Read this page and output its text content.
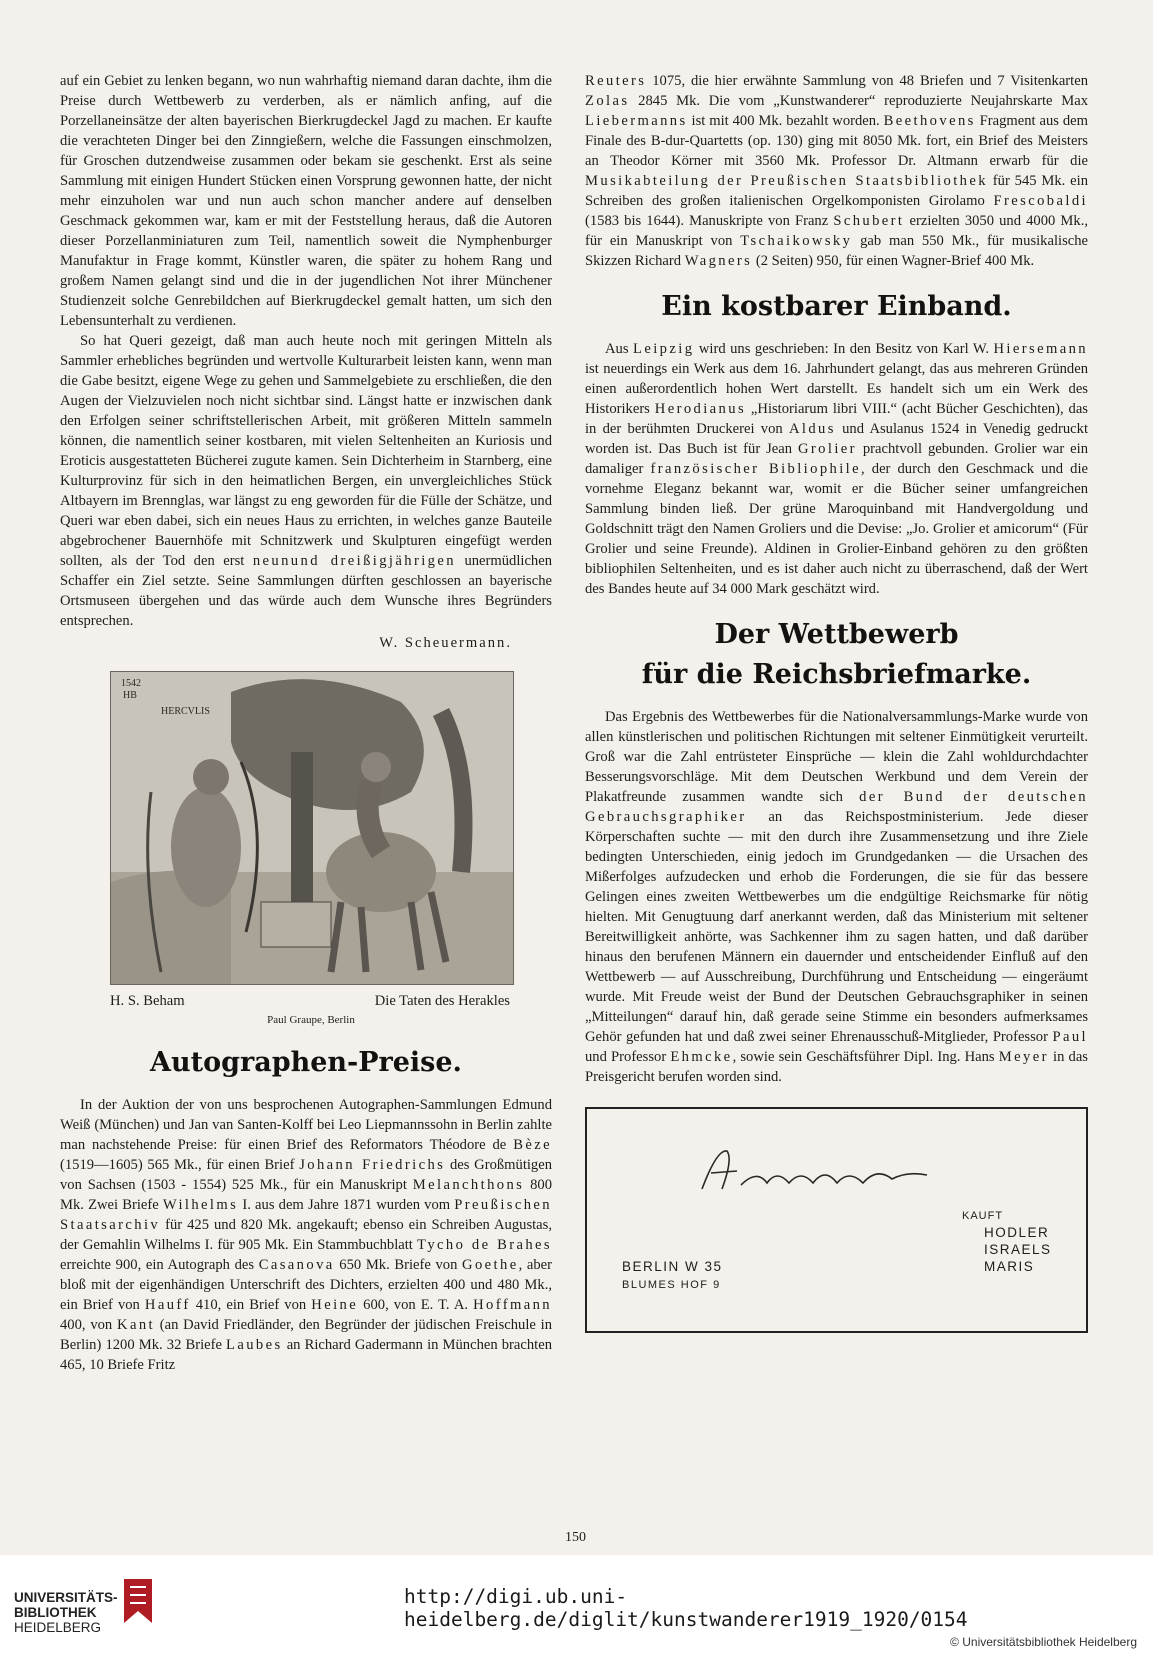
auf ein Gebiet zu lenken begann, wo nun wahrhaftig niemand daran dachte, ihm die Preise durch Wettbewerb zu verderben, als er nämlich anfing, auf die Porzellaneinsätze der alten bayerischen Bierkrugdeckel Jagd zu machen. Er kaufte die verachteten Dinger bei den Zinngießern, welche die Fassungen einschmolzen, für Groschen dutzendweise zusammen oder bekam sie geschenkt. Erst als seine Sammlung mit einigen Hundert Stücken einen Vorsprung gewonnen hatte, der nicht mehr einzuholen war und nun auch schon mancher andere auf denselben Geschmack gekommen war, kam er mit der Feststellung heraus, daß die Autoren dieser Porzellanminiaturen zum Teil, namentlich soweit die Nymphenburger Manufaktur in Frage kommt, Künstler waren, die später zu hohem Rang und großem Namen gelangt sind und die in der jugendlichen Not ihrer Münchener Studienzeit solche Genrebildchen auf Bierkrugdeckel gemalt hatten, um sich den Lebensunterhalt zu verdienen.

So hat Queri gezeigt, daß man auch heute noch mit geringen Mitteln als Sammler erhebliches begründen und wertvolle Kulturarbeit leisten kann, wenn man die Gabe besitzt, eigene Wege zu gehen und Sammelgebiete zu erschließen, die den Augen der Vielzuvielen noch nicht sichtbar sind. Längst hatte er inzwischen dank den Erfolgen seiner schriftstellerischen Arbeit, mit größeren Mitteln sammeln können, die namentlich seiner kostbaren, mit vielen Seltenheiten an Kuriosis und Eroticis ausgestatteten Bücherei zugute kamen. Sein Dichterheim in Starnberg, eine Kulturprovinz für sich in den heimatlichen Bergen, ein unvergleichliches Stück Altbayern im Brennglas, war längst zu eng geworden für die Fülle der Schätze, und Queri war eben dabei, sich ein neues Haus zu errichten, in welches ganze Bauteile abgebrochener Bauernhöfe mit Schnitzwerk und Skulpturen eingefügt werden sollten, als der Tod den erst neunund dreißigjährigen unermüdlichen Schaffer ein Ziel setzte. Seine Sammlungen dürften geschlossen an bayerische Ortsmuseen übergehen und das würde auch dem Wunsche ihres Begründers entsprechen.

W. Scheuermann.

1542
HB
HERCVLIS
H. S. Beham	Die Taten des Herakles
Paul Graupe, Berlin
Autographen-Preise.

In der Auktion der von uns besprochenen Autographen-Sammlungen Edmund Weiß (München) und Jan van Santen-Kolff bei Leo Liepmannssohn in Berlin zahlte man nachstehende Preise: für einen Brief des Reformators Théodore de Bèze (1519—1605) 565 Mk., für einen Brief Johann Friedrichs des Großmütigen von Sachsen (1503 - 1554) 525 Mk., für ein Manuskript Melanchthons 800 Mk. Zwei Briefe Wilhelms I. aus dem Jahre 1871 wurden vom Preußischen Staatsarchiv für 425 und 820 Mk. angekauft; ebenso ein Schreiben Augustas, der Gemahlin Wilhelms I. für 905 Mk. Ein Stammbuchblatt Tycho de Brahes erreichte 900, ein Autograph des Casanova 650 Mk. Briefe von Goethe, aber bloß mit der eigenhändigen Unterschrift des Dichters, erzielten 400 und 480 Mk., ein Brief von Hauff 410, ein Brief von Heine 600, von E. T. A. Hoffmann 400, von Kant (an David Friedländer, den Begründer der jüdischen Freischule in Berlin) 1200 Mk. 32 Briefe Laubes an Richard Gadermann in München brachten 465, 10 Briefe Fritz

Reuters 1075, die hier erwähnte Sammlung von 48 Briefen und 7 Visitenkarten Zolas 2845 Mk. Die vom „Kunstwanderer“ reproduzierte Neujahrskarte Max Liebermanns ist mit 400 Mk. bezahlt worden. Beethovens Fragment aus dem Finale des B-dur-Quartetts (op. 130) ging mit 8050 Mk. fort, ein Brief des Meisters an Theodor Körner mit 3560 Mk. Professor Dr. Altmann erwarb für die Musikabteilung der Preußischen Staatsbibliothek für 545 Mk. ein Schreiben des großen italienischen Orgelkomponisten Girolamo Frescobaldi (1583 bis 1644). Manuskripte von Franz Schubert erzielten 3050 und 4000 Mk., für ein Manuskript von Tschaikowsky gab man 550 Mk., für musikalische Skizzen Richard Wagners (2 Seiten) 950, für einen Wagner-Brief 400 Mk.

Ein kostbarer Einband.

Aus Leipzig wird uns geschrieben: In den Besitz von Karl W. Hiersemann ist neuerdings ein Werk aus dem 16. Jahrhundert gelangt, das aus mehreren Gründen einen außerordentlich hohen Wert darstellt. Es handelt sich um ein Werk des Historikers Herodianus „Historiarum libri VIII.“ (acht Bücher Geschichten), das in der berühmten Druckerei von Aldus und Asulanus 1524 in Venedig gedruckt worden ist. Das Buch ist für Jean Grolier prachtvoll gebunden. Grolier war ein damaliger französischer Bibliophile, der durch den Geschmack und die vornehme Eleganz bekannt war, womit er die Bücher seiner umfangreichen Sammlung binden ließ. Der grüne Maroquinband mit Handvergoldung und Goldschnitt trägt den Namen Groliers und die Devise: „Jo. Grolier et amicorum“ (Für Grolier und seine Freunde). Aldinen in Grolier-Einband gehören zu den größten bibliophilen Seltenheiten, und es ist daher auch nicht zu überraschend, daß der Wert des Bandes heute auf 34 000 Mark geschätzt wird.

Der Wettbewerb
für die Reichsbriefmarke.

Das Ergebnis des Wettbewerbes für die Nationalversammlungs-Marke wurde von allen künstlerischen und politischen Richtungen mit seltener Einmütigkeit verurteilt. Groß war die Zahl entrüsteter Einsprüche — klein die Zahl wohldurchdachter Besserungsvorschläge. Mit dem Deutschen Werkbund und dem Verein der Plakatfreunde zusammen wandte sich der Bund der deutschen Gebrauchsgraphiker an das Reichspostministerium. Jede dieser Körperschaften suchte — mit den durch ihre Zusammensetzung und ihre Ziele bedingten Unterschieden, einig jedoch im Grundgedanken — die Ursachen des Mißerfolges aufzudecken und erhob die Forderungen, die sie für das bessere Gelingen eines zweiten Wettbewerbes um die endgültige Reichsmarke für nötig hielten. Mit Genugtuung darf anerkannt werden, daß das Ministerium mit seltener Bereitwilligkeit anhörte, was Sachkenner ihm zu sagen hatten, und daß darüber hinaus den berufenen Männern ein dauernder und entscheidender Einfluß auf den Wettbewerb — auf Ausschreibung, Durchführung und Entscheidung — eingeräumt wurde. Mit Freude weist der Bund der Deutschen Gebrauchsgraphiker in seinen „Mitteilungen“ darauf hin, daß gerade seine Stimme ein besonders aufmerksames Gehör gefunden hat und daß zwei seiner Ehrenausschuß-Mitglieder, Professor Paul und Professor Ehmcke, sowie sein Geschäftsführer Dipl. Ing. Hans Meyer in das Preisgericht berufen worden sind.

KAUFT
HODLER
ISRAELS
MARIS
BERLIN W 35
BLUMES HOF 9
150
UNIVERSITÄTS-
BIBLIOTHEK
HEIDELBERG
http://digi.ub.uni-heidelberg.de/diglit/kunstwanderer1919_1920/0154
© Universitätsbibliothek Heidelberg
